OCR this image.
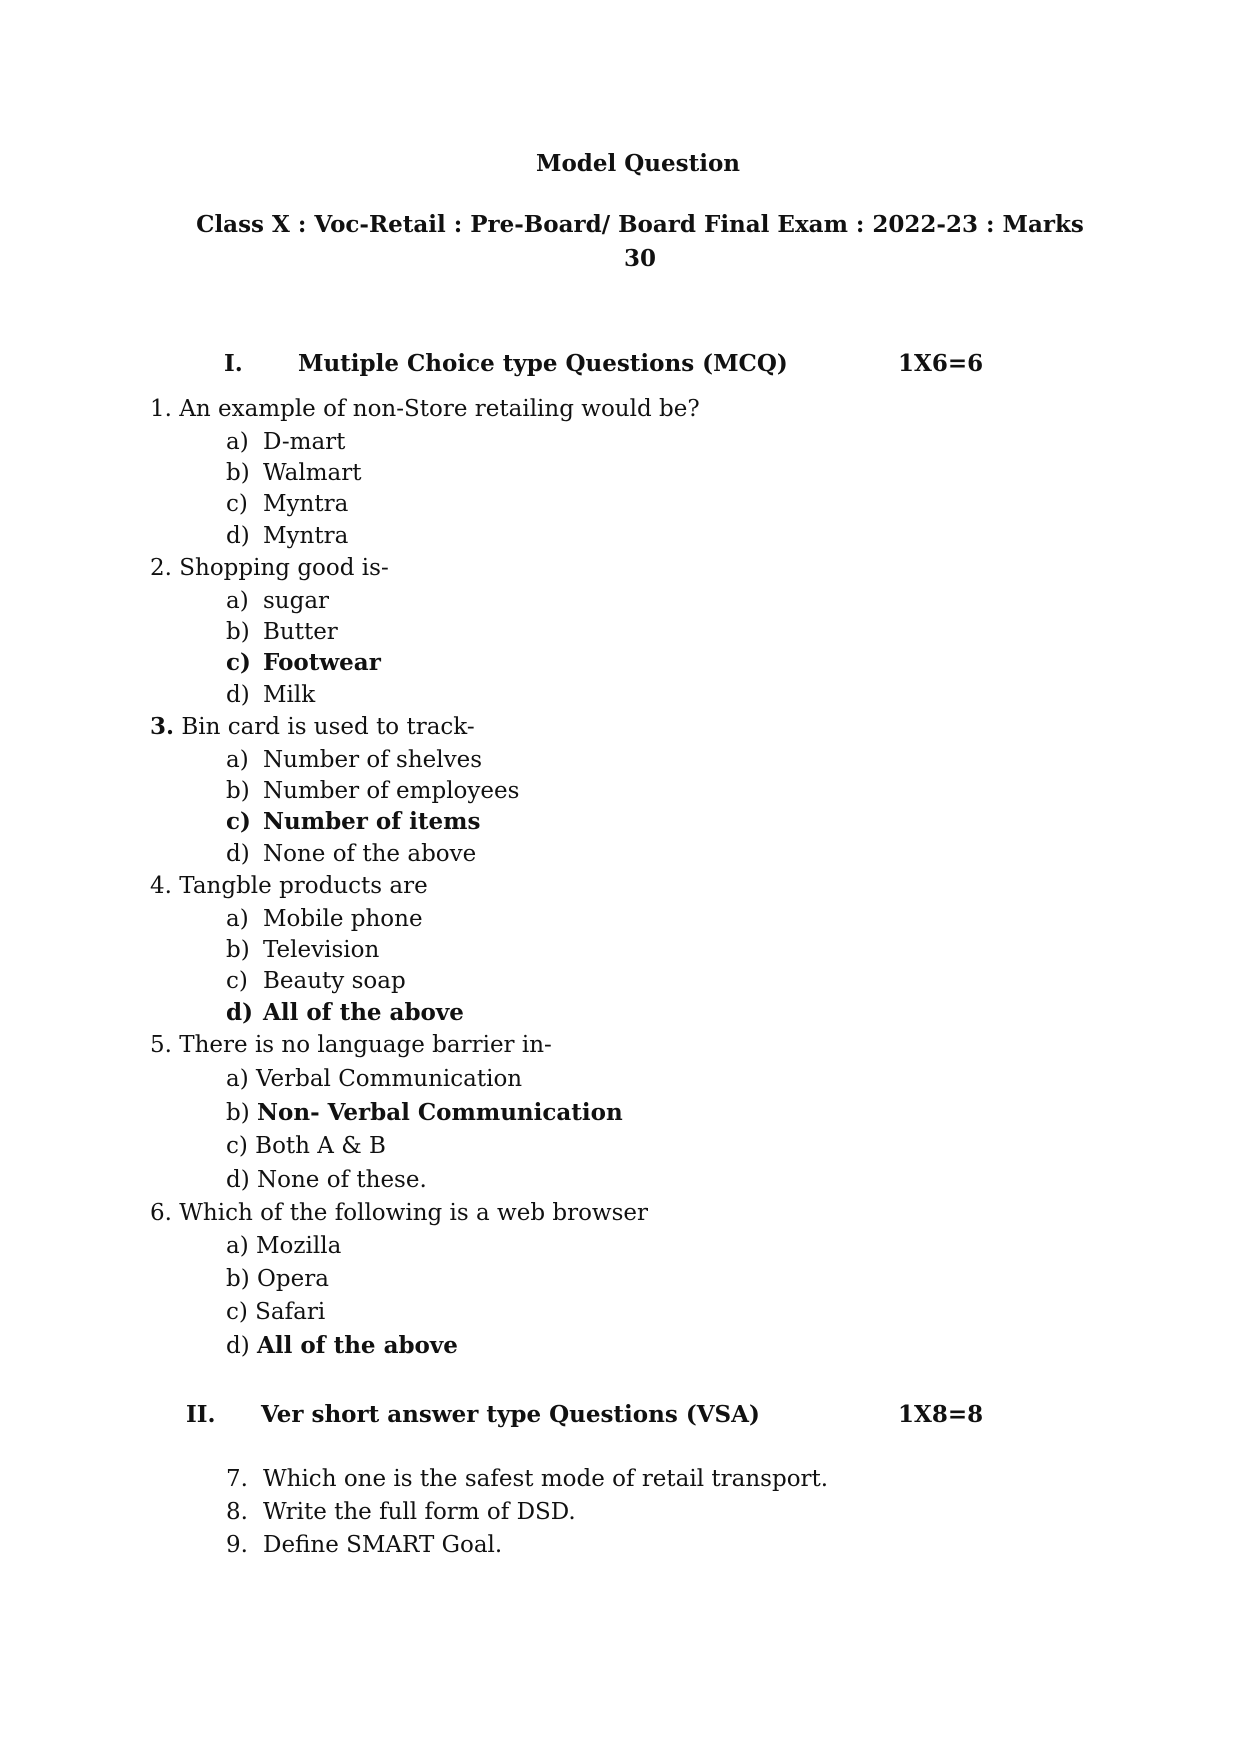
Model Question
Class X : Voc-Retail : Pre-Board/ Board Final Exam : 2022-23 : Marks 30
I. Mutiple Choice type Questions (MCQ)	1X6=6
1. An example of non-Store retailing would be?
a) D-mart
b) Walmart
c) Myntra
d) Myntra
2. Shopping good is-
a) sugar
b) Butter
c) Footwear
d) Milk
3. Bin card is used to track-
a) Number of shelves
b) Number of employees
c) Number of items
d) None of the above
4. Tangble products are
a) Mobile phone
b) Television
c) Beauty soap
d) All of the above
5. There is no language barrier in-
a) Verbal Communication
b) Non- Verbal Communication
c) Both A & B
d) None of these.
6. Which of the following is a web browser
a) Mozilla
b) Opera
c) Safari
d) All of the above
II. Ver short answer type Questions (VSA)	1X8=8
7. Which one is the safest mode of retail transport.
8. Write the full form of DSD.
9. Define SMART Goal.
